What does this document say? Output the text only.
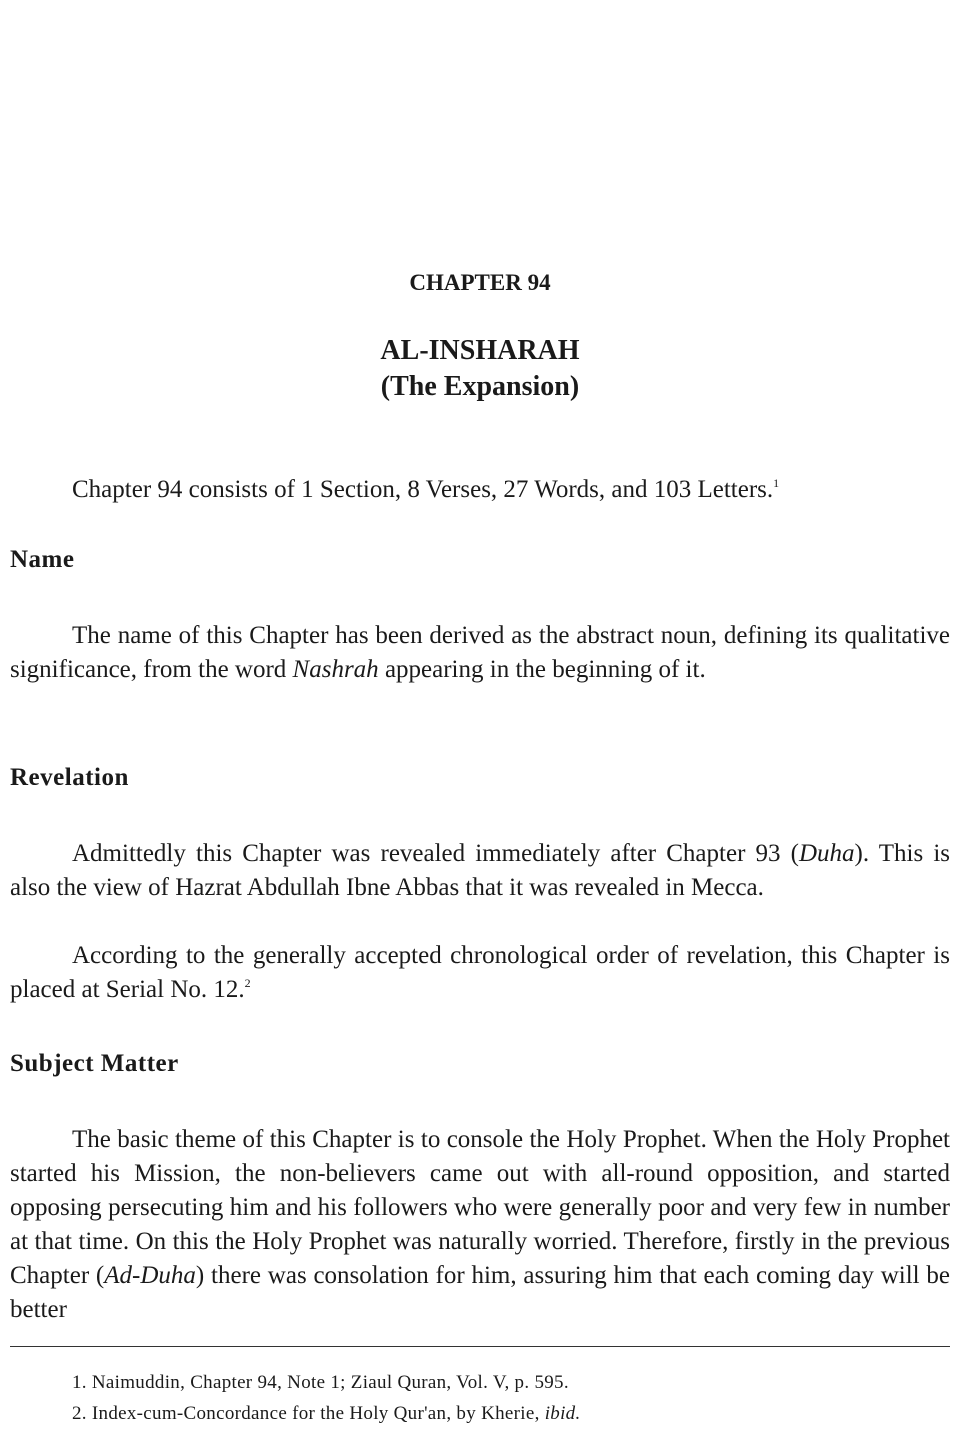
CHAPTER 94
AL-INSHARAH
(The Expansion)

Chapter 94 consists of 1 Section, 8 Verses, 27 Words, and 103 Letters.$^1$

Name

The name of this Chapter has been derived as the abstract noun, defining its qualitative significance, from the word Nashrah appearing in the beginning of it.

Revelation

Admittedly this Chapter was revealed immediately after Chapter 93 (Duha). This is also the view of Hazrat Abdullah Ibne Abbas that it was revealed in Mecca.

According to the generally accepted chronological order of revelation, this Chapter is placed at Serial No. 12.$^2$

Subject Matter

The basic theme of this Chapter is to console the Holy Prophet. When the Holy Prophet started his Mission, the non-believers came out with all-round opposition, and started opposing persecuting him and his followers who were generally poor and very few in number at that time. On this the Holy Prophet was naturally worried. Therefore, firstly in the previous Chapter (Ad-Duha) there was consolation for him, assuring him that each coming day will be better

1. Naimuddin, Chapter 94, Note 1; Ziaul Quran, Vol. V, p. 595.

2. Index-cum-Concordance for the Holy Qur'an, by Kherie, ibid.
